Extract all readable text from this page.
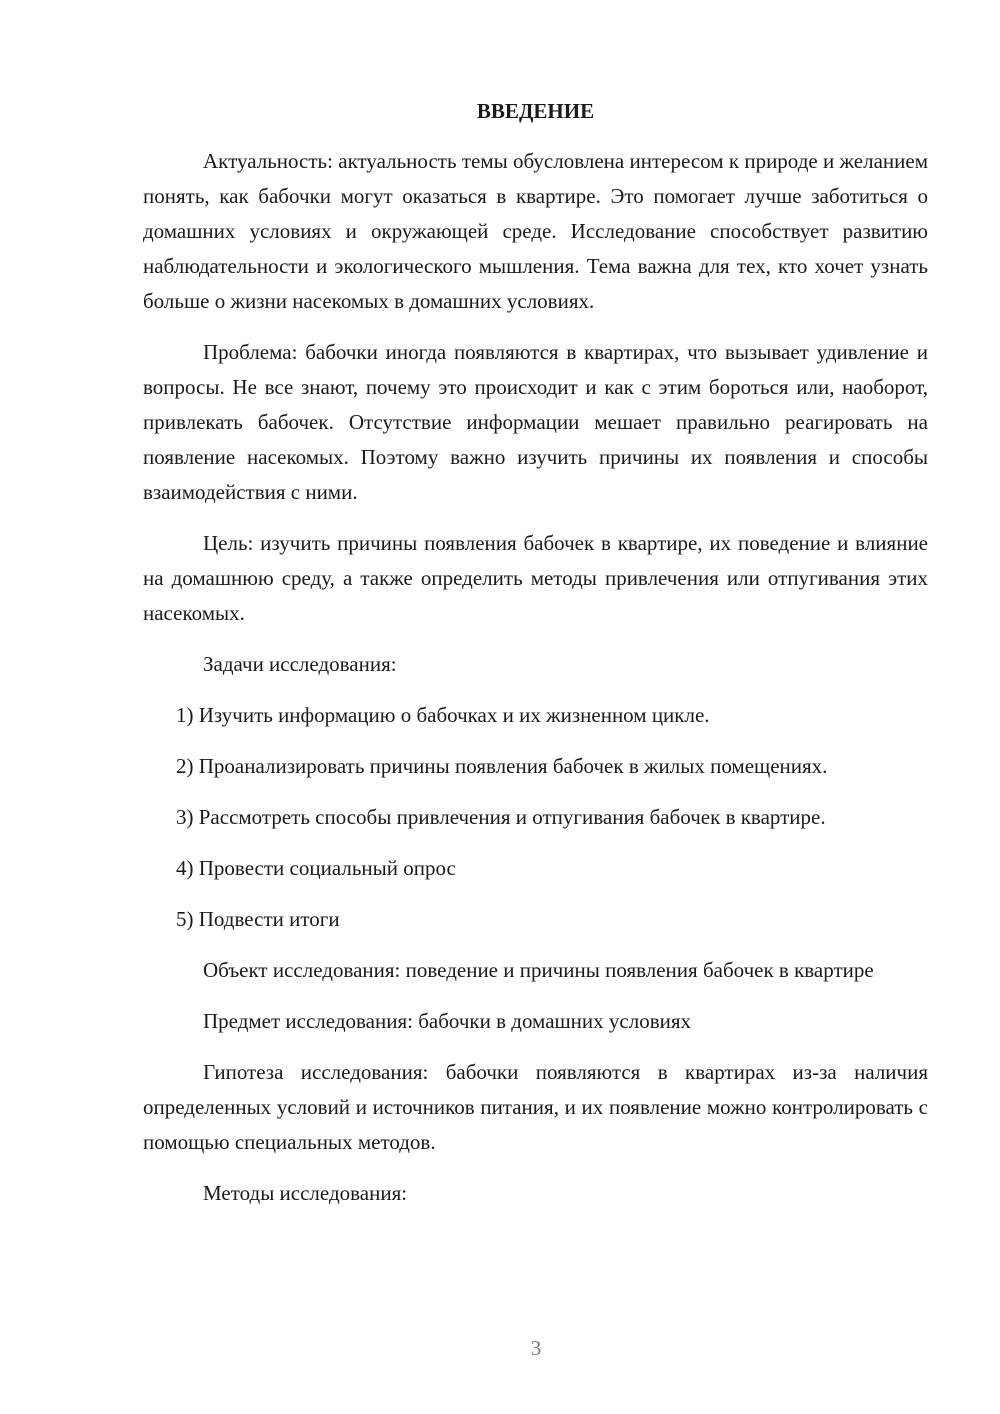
ВВЕДЕНИЕ

Актуальность: актуальность темы обусловлена интересом к природе и желанием понять, как бабочки могут оказаться в квартире. Это помогает лучше заботиться о домашних условиях и окружающей среде. Исследование способствует развитию наблюдательности и экологического мышления. Тема важна для тех, кто хочет узнать больше о жизни насекомых в домашних условиях.

Проблема: бабочки иногда появляются в квартирах, что вызывает удивление и вопросы. Не все знают, почему это происходит и как с этим бороться или, наоборот, привлекать бабочек. Отсутствие информации мешает правильно реагировать на появление насекомых. Поэтому важно изучить причины их появления и способы взаимодействия с ними.

Цель: изучить причины появления бабочек в квартире, их поведение и влияние на домашнюю среду, а также определить методы привлечения или отпугивания этих насекомых.

Задачи исследования:

1) Изучить информацию о бабочках и их жизненном цикле.

2) Проанализировать причины появления бабочек в жилых помещениях.

3) Рассмотреть способы привлечения и отпугивания бабочек в квартире.

4) Провести социальный опрос

5) Подвести итоги

Объект исследования: поведение и причины появления бабочек в квартире

Предмет исследования: бабочки в домашних условиях

Гипотеза исследования: бабочки появляются в квартирах из-за наличия определенных условий и источников питания, и их появление можно контролировать с помощью специальных методов.

Методы исследования:

3
